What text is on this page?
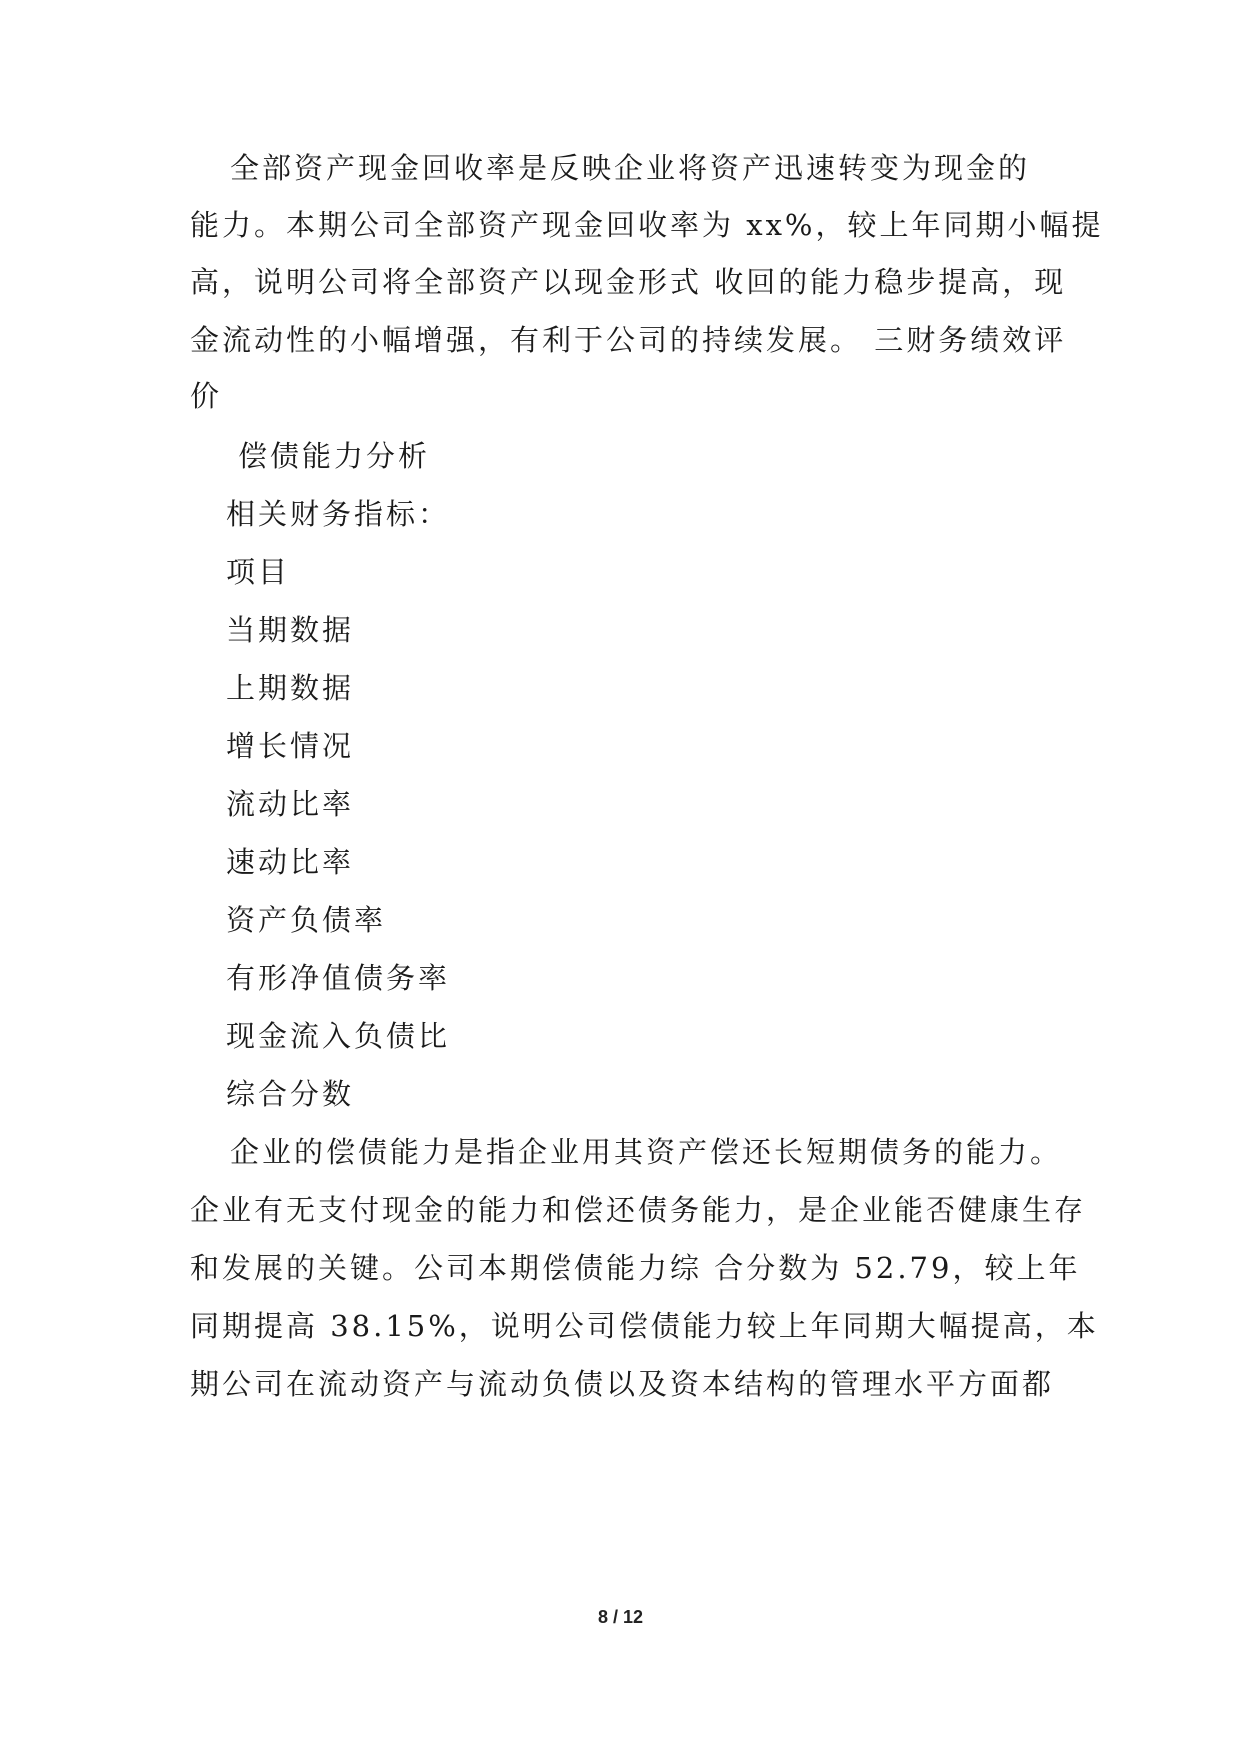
全部资产现金回收率是反映企业将资产迅速转变为现金的
能力。本期公司全部资产现金回收率为 xx%，较上年同期小幅提
高，说明公司将全部资产以现金形式 收回的能力稳步提高，现
金流动性的小幅增强，有利于公司的持续发展。 三财务绩效评
价
偿债能力分析
相关财务指标：
项目
当期数据
上期数据
增长情况
流动比率
速动比率
资产负债率
有形净值债务率
现金流入负债比
综合分数
企业的偿债能力是指企业用其资产偿还长短期债务的能力。
企业有无支付现金的能力和偿还债务能力，是企业能否健康生存
和发展的关键。公司本期偿债能力综 合分数为 52.79，较上年
同期提高 38.15%，说明公司偿债能力较上年同期大幅提高，本
期公司在流动资产与流动负债以及资本结构的管理水平方面都
8 / 12
